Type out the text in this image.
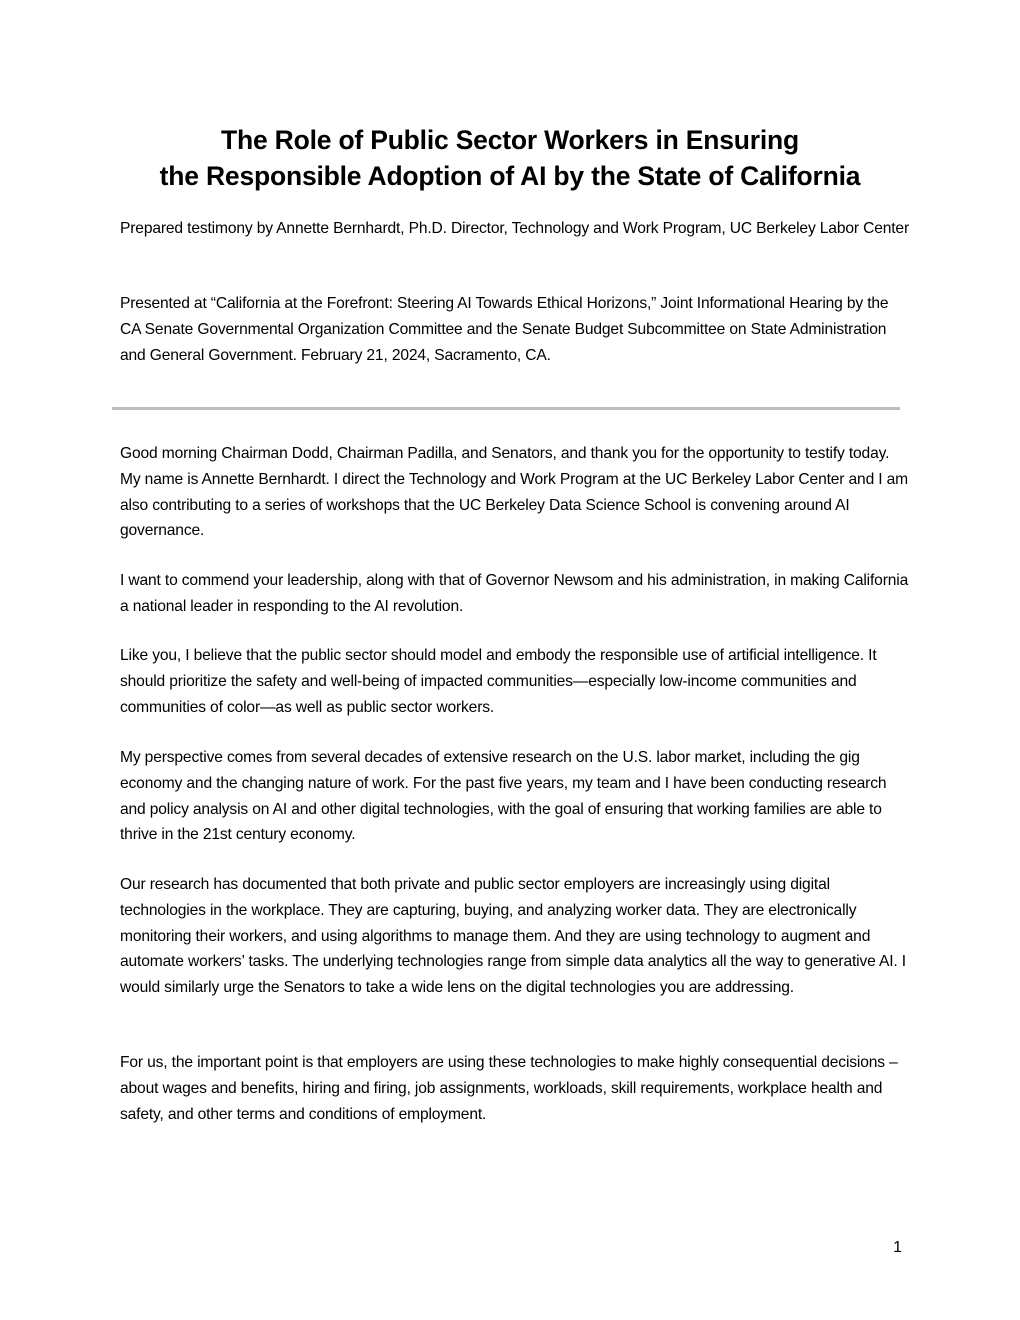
The Role of Public Sector Workers in Ensuring
the Responsible Adoption of AI by the State of California

Prepared testimony by Annette Bernhardt, Ph.D. Director, Technology and Work Program, UC Berkeley Labor Center

Presented at “California at the Forefront: Steering AI Towards Ethical Horizons,” Joint Informational Hearing by the CA Senate Governmental Organization Committee and the Senate Budget Subcommittee on State Administration and General Government. February 21, 2024, Sacramento, CA.

Good morning Chairman Dodd, Chairman Padilla, and Senators, and thank you for the opportunity to testify today. My name is Annette Bernhardt. I direct the Technology and Work Program at the UC Berkeley Labor Center and I am also contributing to a series of workshops that the UC Berkeley Data Science School is convening around AI governance.

I want to commend your leadership, along with that of Governor Newsom and his administration, in making California a national leader in responding to the AI revolution.

Like you, I believe that the public sector should model and embody the responsible use of artificial intelligence. It should prioritize the safety and well-being of impacted communities—especially low-income communities and communities of color—as well as public sector workers.

My perspective comes from several decades of extensive research on the U.S. labor market, including the gig economy and the changing nature of work. For the past five years, my team and I have been conducting research and policy analysis on AI and other digital technologies, with the goal of ensuring that working families are able to thrive in the 21st century economy.

Our research has documented that both private and public sector employers are increasingly using digital technologies in the workplace. They are capturing, buying, and analyzing worker data. They are electronically monitoring their workers, and using algorithms to manage them. And they are using technology to augment and automate workers’ tasks. The underlying technologies range from simple data analytics all the way to generative AI. I would similarly urge the Senators to take a wide lens on the digital technologies you are addressing.

For us, the important point is that employers are using these technologies to make highly consequential decisions – about wages and benefits, hiring and firing, job assignments, workloads, skill requirements, workplace health and safety, and other terms and conditions of employment.

1
